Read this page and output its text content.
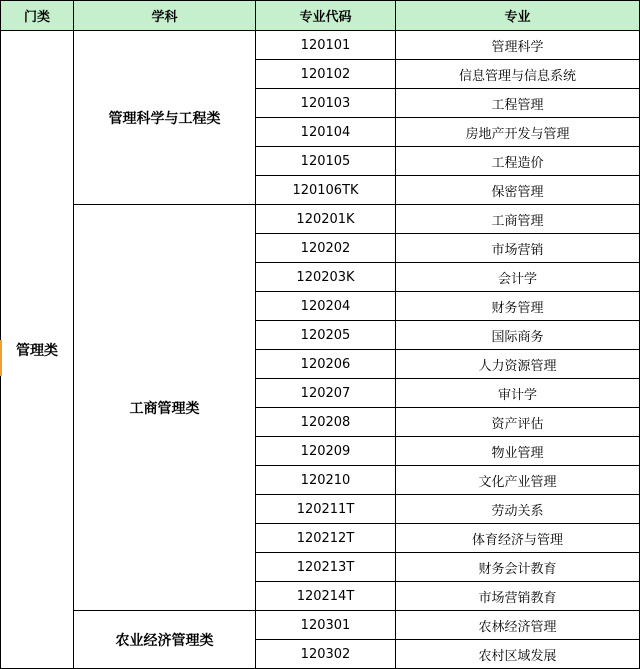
门类	学科	专业代码	专业
管理类	管理科学与工程类	120101	管理科学
		120102	信息管理与信息系统
		120103	工程管理
		120104	房地产开发与管理
		120105	工程造价
		120106TK	保密管理
	工商管理类	120201K	工商管理
		120202	市场营销
		120203K	会计学
		120204	财务管理
		120205	国际商务
		120206	人力资源管理
		120207	审计学
		120208	资产评估
		120209	物业管理
		120210	文化产业管理
		120211T	劳动关系
		120212T	体育经济与管理
		120213T	财务会计教育
		120214T	市场营销教育
	农业经济管理类	120301	农林经济管理
		120302	农村区域发展
